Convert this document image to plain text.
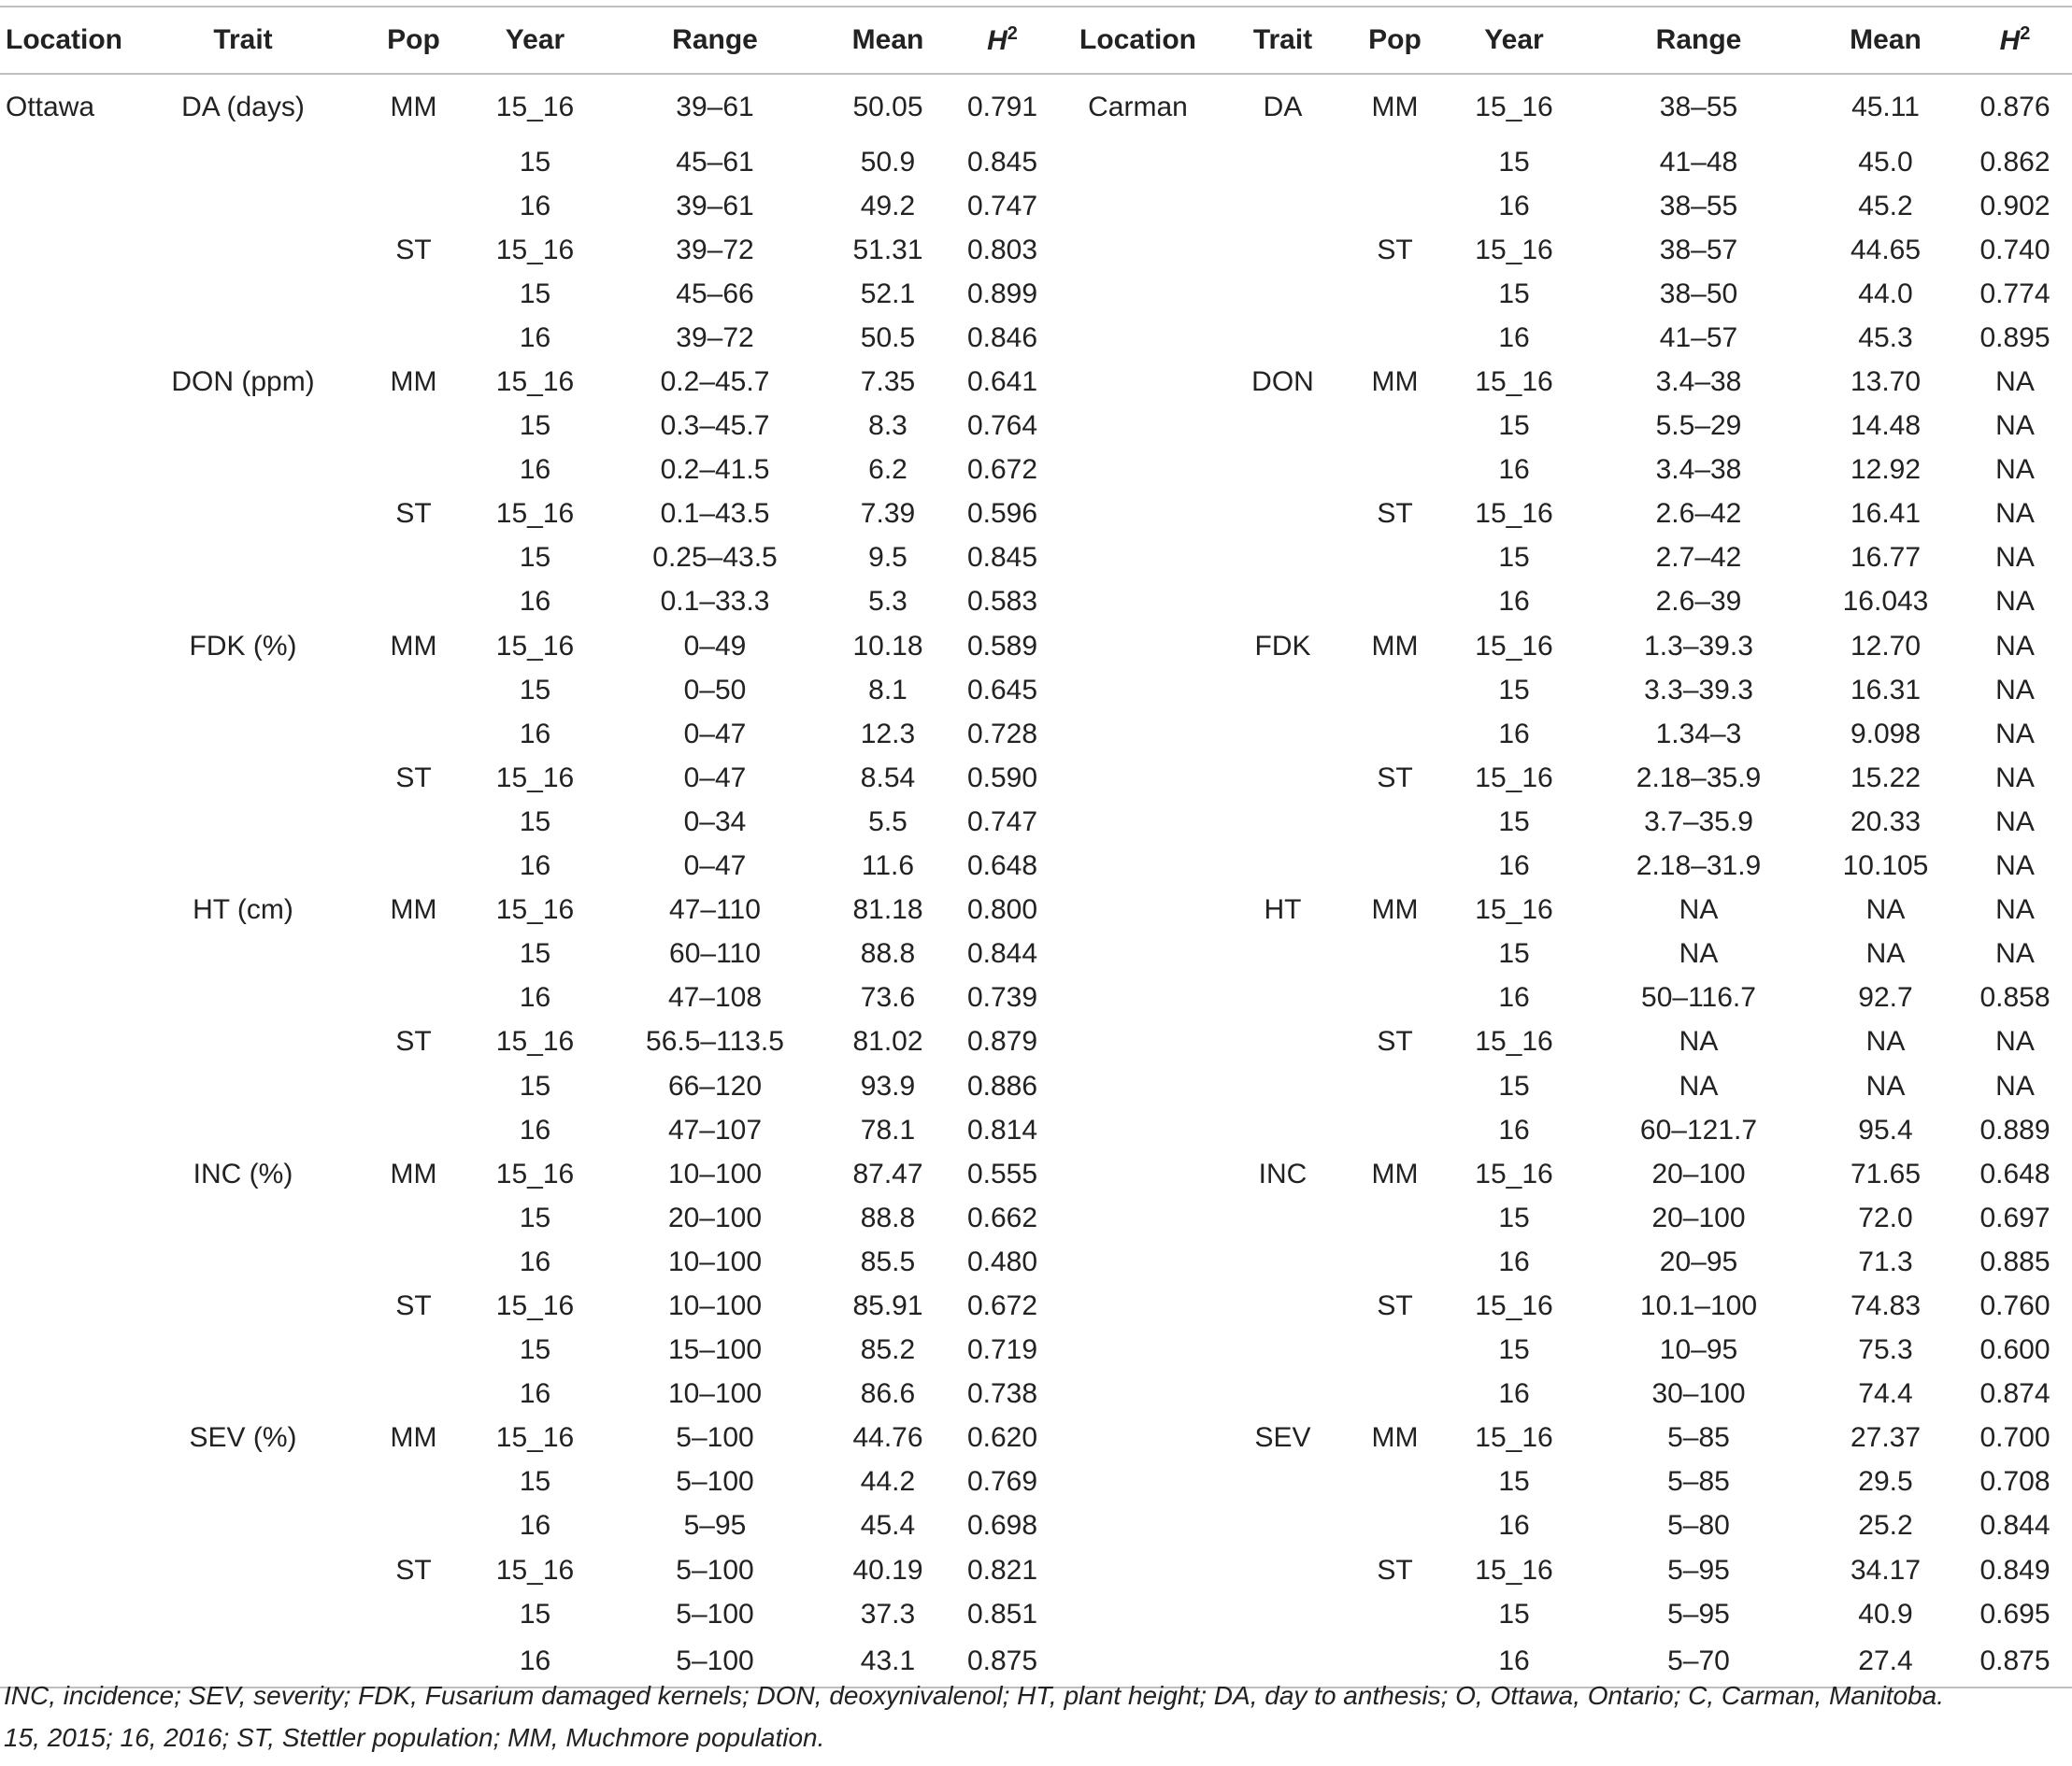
Location	Trait	Pop	Year	Range	Mean	$H^2$	Location	Trait	Pop	Year	Range	Mean	$H^2$
Ottawa	DA (days)	MM	15_16	39–61	50.05	0.791	Carman	DA	MM	15_16	38–55	45.11	0.876
			15	45–61	50.9	0.845				15	41–48	45.0	0.862
			16	39–61	49.2	0.747				16	38–55	45.2	0.902
		ST	15_16	39–72	51.31	0.803			ST	15_16	38–57	44.65	0.740
			15	45–66	52.1	0.899				15	38–50	44.0	0.774
			16	39–72	50.5	0.846				16	41–57	45.3	0.895
	DON (ppm)	MM	15_16	0.2–45.7	7.35	0.641		DON	MM	15_16	3.4–38	13.70	NA
			15	0.3–45.7	8.3	0.764				15	5.5–29	14.48	NA
			16	0.2–41.5	6.2	0.672				16	3.4–38	12.92	NA
		ST	15_16	0.1–43.5	7.39	0.596			ST	15_16	2.6–42	16.41	NA
			15	0.25–43.5	9.5	0.845				15	2.7–42	16.77	NA
			16	0.1–33.3	5.3	0.583				16	2.6–39	16.043	NA
	FDK (%)	MM	15_16	0–49	10.18	0.589		FDK	MM	15_16	1.3–39.3	12.70	NA
			15	0–50	8.1	0.645				15	3.3–39.3	16.31	NA
			16	0–47	12.3	0.728				16	1.34–3	9.098	NA
		ST	15_16	0–47	8.54	0.590			ST	15_16	2.18–35.9	15.22	NA
			15	0–34	5.5	0.747				15	3.7–35.9	20.33	NA
			16	0–47	11.6	0.648				16	2.18–31.9	10.105	NA
	HT (cm)	MM	15_16	47–110	81.18	0.800		HT	MM	15_16	NA	NA	NA
			15	60–110	88.8	0.844				15	NA	NA	NA
			16	47–108	73.6	0.739				16	50–116.7	92.7	0.858
		ST	15_16	56.5–113.5	81.02	0.879			ST	15_16	NA	NA	NA
			15	66–120	93.9	0.886				15	NA	NA	NA
			16	47–107	78.1	0.814				16	60–121.7	95.4	0.889
	INC (%)	MM	15_16	10–100	87.47	0.555		INC	MM	15_16	20–100	71.65	0.648
			15	20–100	88.8	0.662				15	20–100	72.0	0.697
			16	10–100	85.5	0.480				16	20–95	71.3	0.885
		ST	15_16	10–100	85.91	0.672			ST	15_16	10.1–100	74.83	0.760
			15	15–100	85.2	0.719				15	10–95	75.3	0.600
			16	10–100	86.6	0.738				16	30–100	74.4	0.874
	SEV (%)	MM	15_16	5–100	44.76	0.620		SEV	MM	15_16	5–85	27.37	0.700
			15	5–100	44.2	0.769				15	5–85	29.5	0.708
			16	5–95	45.4	0.698				16	5–80	25.2	0.844
		ST	15_16	5–100	40.19	0.821			ST	15_16	5–95	34.17	0.849
			15	5–100	37.3	0.851				15	5–95	40.9	0.695
			16	5–100	43.1	0.875				16	5–70	27.4	0.875
INC, incidence; SEV, severity; FDK, Fusarium damaged kernels; DON, deoxynivalenol; HT, plant height; DA, day to anthesis; O, Ottawa, Ontario; C, Carman, Manitoba.
15, 2015; 16, 2016; ST, Stettler population; MM, Muchmore population.
